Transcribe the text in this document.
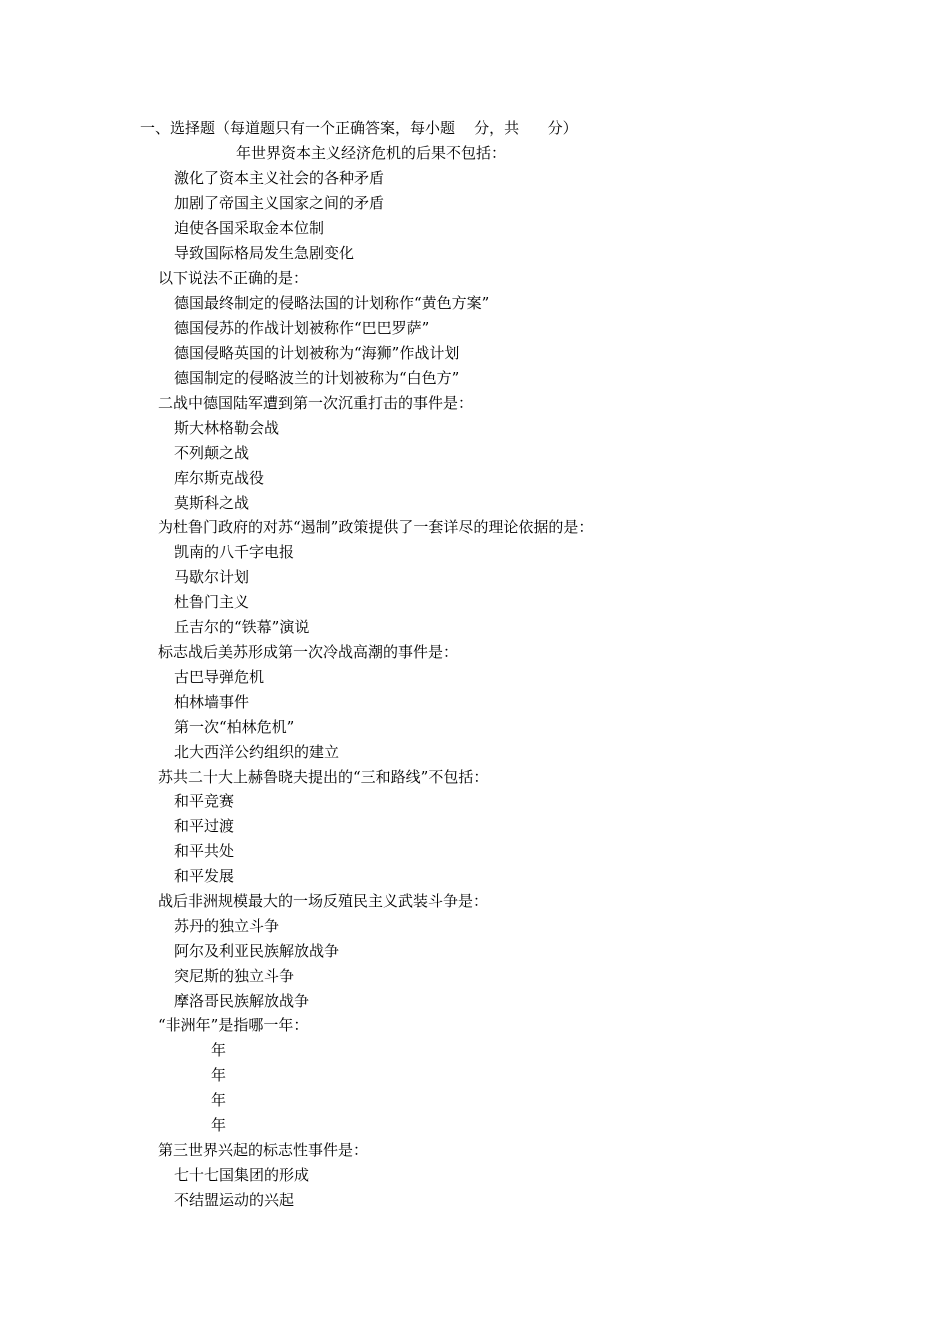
一、选择题（每道题只有一个正确答案，每小题    分，共      分）
年世界资本主义经济危机的后果不包括：
激化了资本主义社会的各种矛盾
加剧了帝国主义国家之间的矛盾
迫使各国采取金本位制
导致国际格局发生急剧变化
以下说法不正确的是：
德国最终制定的侵略法国的计划称作“黄色方案”
德国侵苏的作战计划被称作“巴巴罗萨”
德国侵略英国的计划被称为“海狮”作战计划
德国制定的侵略波兰的计划被称为“白色方”
二战中德国陆军遭到第一次沉重打击的事件是：
斯大林格勒会战
不列颠之战
库尔斯克战役
莫斯科之战
为杜鲁门政府的对苏“遏制”政策提供了一套详尽的理论依据的是：
凯南的八千字电报
马歇尔计划
杜鲁门主义
丘吉尔的“铁幕”演说
标志战后美苏形成第一次冷战高潮的事件是：
古巴导弹危机
柏林墙事件
第一次“柏林危机”
北大西洋公约组织的建立
苏共二十大上赫鲁晓夫提出的“三和路线”不包括：
和平竞赛
和平过渡
和平共处
和平发展
战后非洲规模最大的一场反殖民主义武装斗争是：
苏丹的独立斗争
阿尔及利亚民族解放战争
突尼斯的独立斗争
摩洛哥民族解放战争
“非洲年”是指哪一年：
年
年
年
年
第三世界兴起的标志性事件是：
七十七国集团的形成
不结盟运动的兴起
